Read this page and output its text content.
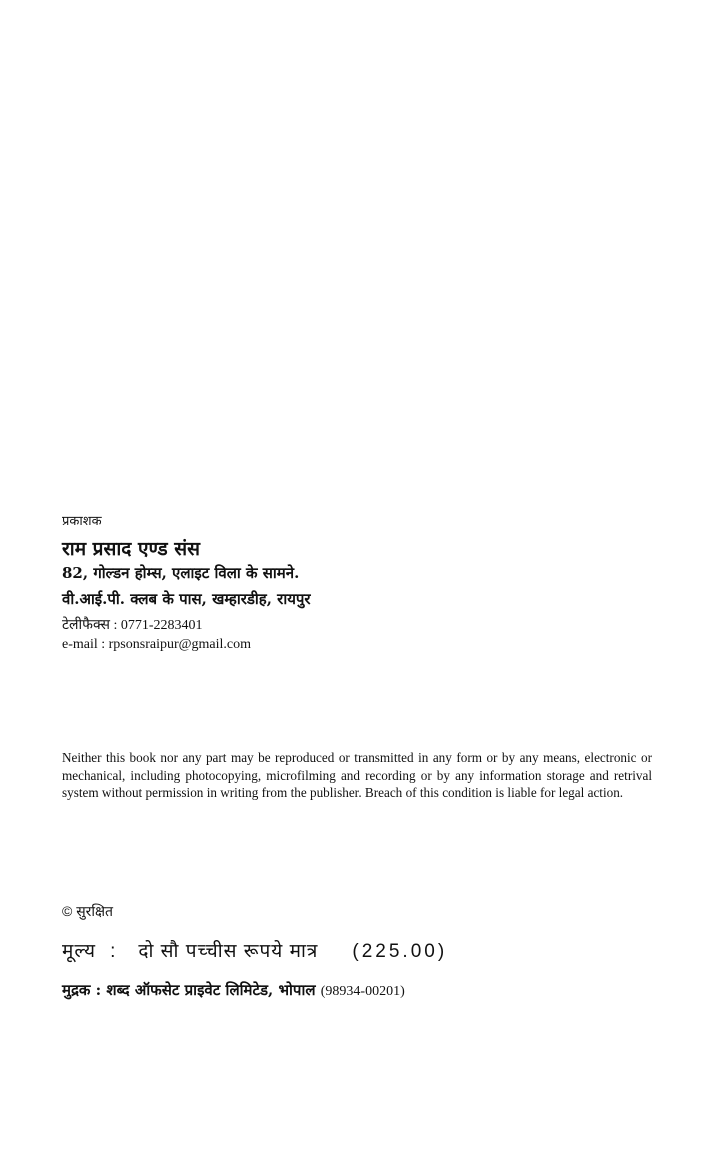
प्रकाशक
राम प्रसाद एण्ड संस
82, गोल्डन होम्स, एलाइट विला के सामने.
वी.आई.पी. क्लब के पास, खम्हारडीह, रायपुर
टेलीफैक्स : 0771-2283401
e-mail : rpsonsraipur@gmail.com
Neither this book nor any part may be reproduced or transmitted in any form or by any means, electronic or mechanical, including photocopying, microfilming and recording or by any information storage and retrival system without permission in writing from the publisher. Breach of this condition is liable for legal action.
© सुरक्षित
मूल्य : दो सौ पच्चीस रूपये मात्र (225.00)
मुद्रक : शब्द ऑफसेट प्राइवेट लिमिटेड, भोपाल (98934-00201)
